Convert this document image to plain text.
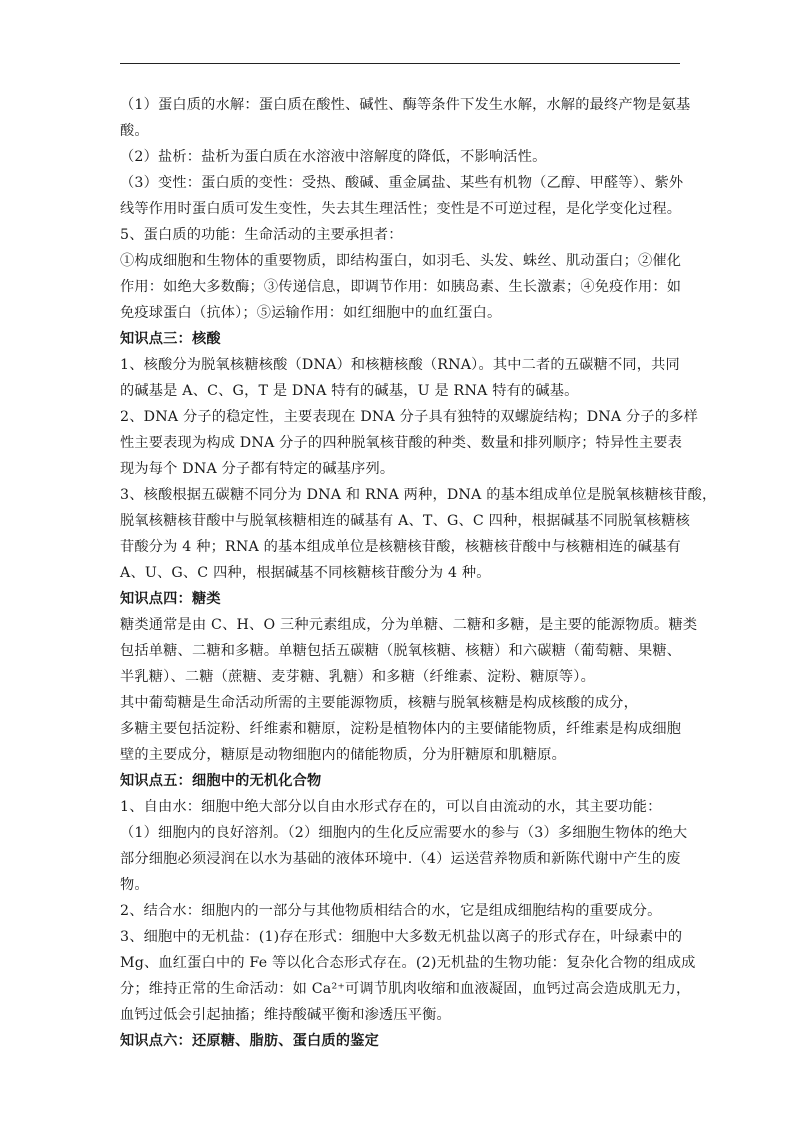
（1）蛋白质的水解：蛋白质在酸性、碱性、酶等条件下发生水解，水解的最终产物是氨基
酸。
（2）盐析：盐析为蛋白质在水溶液中溶解度的降低，不影响活性。
（3）变性：蛋白质的变性：受热、酸碱、重金属盐、某些有机物（乙醇、甲醛等）、紫外
线等作用时蛋白质可发生变性，失去其生理活性；变性是不可逆过程，是化学变化过程。
5、蛋白质的功能：生命活动的主要承担者：
①构成细胞和生物体的重要物质，即结构蛋白，如羽毛、头发、蛛丝、肌动蛋白；②催化
作用：如绝大多数酶；③传递信息，即调节作用：如胰岛素、生长激素；④免疫作用：如
免疫球蛋白（抗体）；⑤运输作用：如红细胞中的血红蛋白。
知识点三：核酸
1、核酸分为脱氧核糖核酸（DNA）和核糖核酸（RNA）。其中二者的五碳糖不同，共同
的碱基是 A、C、G，T 是 DNA 特有的碱基，U 是 RNA 特有的碱基。
2、DNA 分子的稳定性，主要表现在 DNA 分子具有独特的双螺旋结构；DNA 分子的多样
性主要表现为构成 DNA 分子的四种脱氧核苷酸的种类、数量和排列顺序；特异性主要表
现为每个 DNA 分子都有特定的碱基序列。
3、核酸根据五碳糖不同分为 DNA 和 RNA 两种，DNA 的基本组成单位是脱氧核糖核苷酸，
脱氧核糖核苷酸中与脱氧核糖相连的碱基有 A、T、G、C 四种，根据碱基不同脱氧核糖核
苷酸分为 4 种；RNA 的基本组成单位是核糖核苷酸，核糖核苷酸中与核糖相连的碱基有
A、U、G、C 四种，根据碱基不同核糖核苷酸分为 4 种。
知识点四：糖类
糖类通常是由 C、H、O 三种元素组成，分为单糖、二糖和多糖，是主要的能源物质。糖类
包括单糖、二糖和多糖。单糖包括五碳糖（脱氧核糖、核糖）和六碳糖（葡萄糖、果糖、
半乳糖）、二糖（蔗糖、麦芽糖、乳糖）和多糖（纤维素、淀粉、糖原等）。
其中葡萄糖是生命活动所需的主要能源物质，核糖与脱氧核糖是构成核酸的成分，
多糖主要包括淀粉、纤维素和糖原，淀粉是植物体内的主要储能物质，纤维素是构成细胞
壁的主要成分，糖原是动物细胞内的储能物质，分为肝糖原和肌糖原。
知识点五：细胞中的无机化合物
1、自由水：细胞中绝大部分以自由水形式存在的，可以自由流动的水，其主要功能：
（1）细胞内的良好溶剂。（2）细胞内的生化反应需要水的参与（3）多细胞生物体的绝大
部分细胞必须浸润在以水为基础的液体环境中.（4）运送营养物质和新陈代谢中产生的废
物。
2、结合水：细胞内的一部分与其他物质相结合的水，它是组成细胞结构的重要成分。
3、细胞中的无机盐：(1)存在形式：细胞中大多数无机盐以离子的形式存在，叶绿素中的
Mg、血红蛋白中的 Fe 等以化合态形式存在。(2)无机盐的生物功能：复杂化合物的组成成
分；维持正常的生命活动：如 Ca²⁺可调节肌肉收缩和血液凝固，血钙过高会造成肌无力，
血钙过低会引起抽搐；维持酸碱平衡和渗透压平衡。
知识点六：还原糖、脂肪、蛋白质的鉴定
